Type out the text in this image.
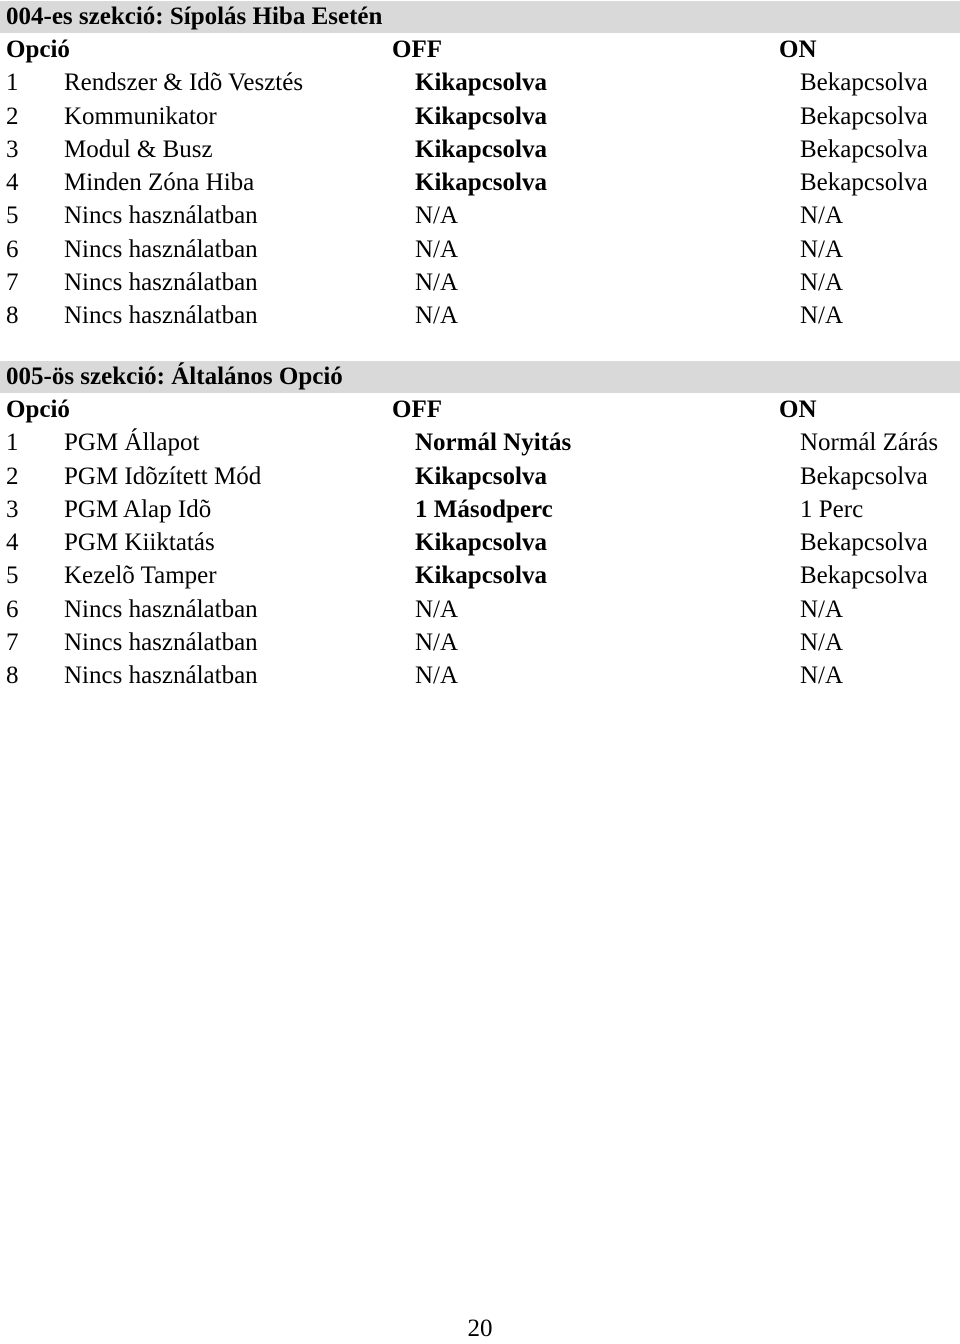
004-es szekció: Sípolás Hiba Esetén
Opció	OFF	ON
1 Rendszer & Idõ Vesztés	Kikapcsolva	Bekapcsolva
2 Kommunikator	Kikapcsolva	Bekapcsolva
3 Modul & Busz	Kikapcsolva	Bekapcsolva
4 Minden Zóna Hiba	Kikapcsolva	Bekapcsolva
5 Nincs használatban	N/A	N/A
6 Nincs használatban	N/A	N/A
7 Nincs használatban	N/A	N/A
8 Nincs használatban	N/A	N/A
005-ös szekció: Általános Opció
Opció	OFF	ON
1 PGM Állapot	Normál Nyitás	Normál Zárás
2 PGM Idõzített Mód	Kikapcsolva	Bekapcsolva
3 PGM Alap Idõ	1 Másodperc	1 Perc
4 PGM Kiiktatás	Kikapcsolva	Bekapcsolva
5 Kezelõ Tamper	Kikapcsolva	Bekapcsolva
6 Nincs használatban	N/A	N/A
7 Nincs használatban	N/A	N/A
8 Nincs használatban	N/A	N/A
20
